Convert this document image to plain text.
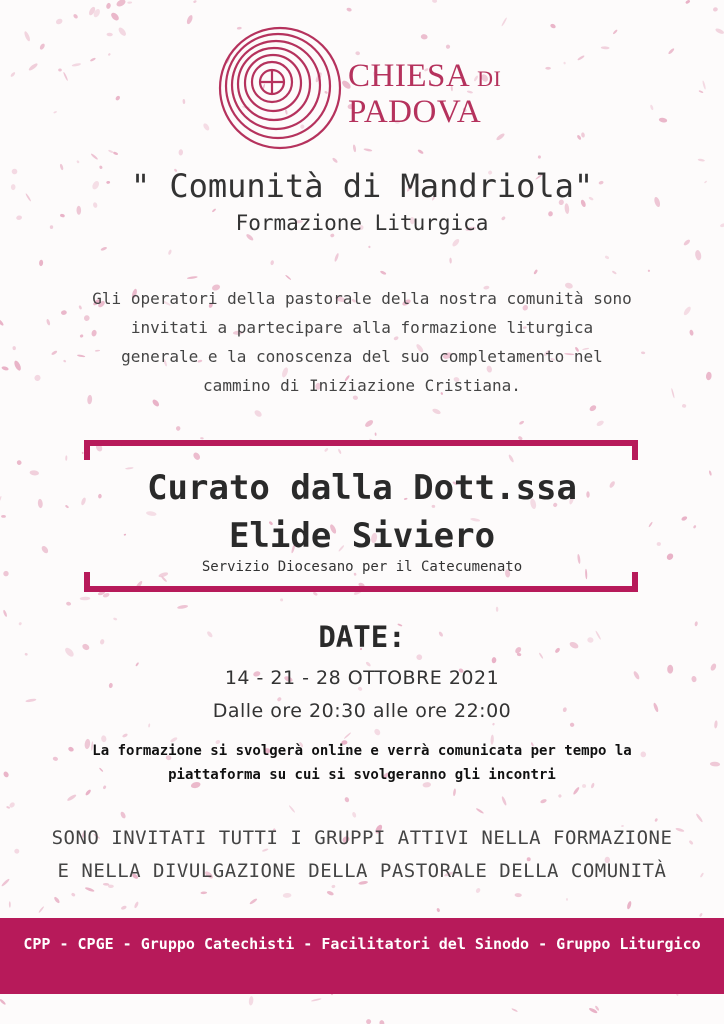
CHIESA DI
PADOVA
" Comunità di Mandriola"
Formazione Liturgica
Gli operatori della pastorale della nostra comunità sono invitati a partecipare alla formazione liturgica generale e la conoscenza del suo completamento nel cammino di Iniziazione Cristiana.
Curato dalla Dott.ssa
Elide Siviero
Servizio Diocesano per il Catecumenato
DATE:
14 - 21 - 28 OTTOBRE 2021
Dalle ore 20:30 alle ore 22:00
La formazione si svolgerà online e verrà comunicata per tempo la piattaforma su cui si svolgeranno gli incontri
SONO INVITATI TUTTI I GRUPPI ATTIVI NELLA FORMAZIONE E NELLA DIVULGAZIONE DELLA PASTORALE DELLA COMUNITÀ
CPP - CPGE - Gruppo Catechisti - Facilitatori del Sinodo - Gruppo Liturgico
